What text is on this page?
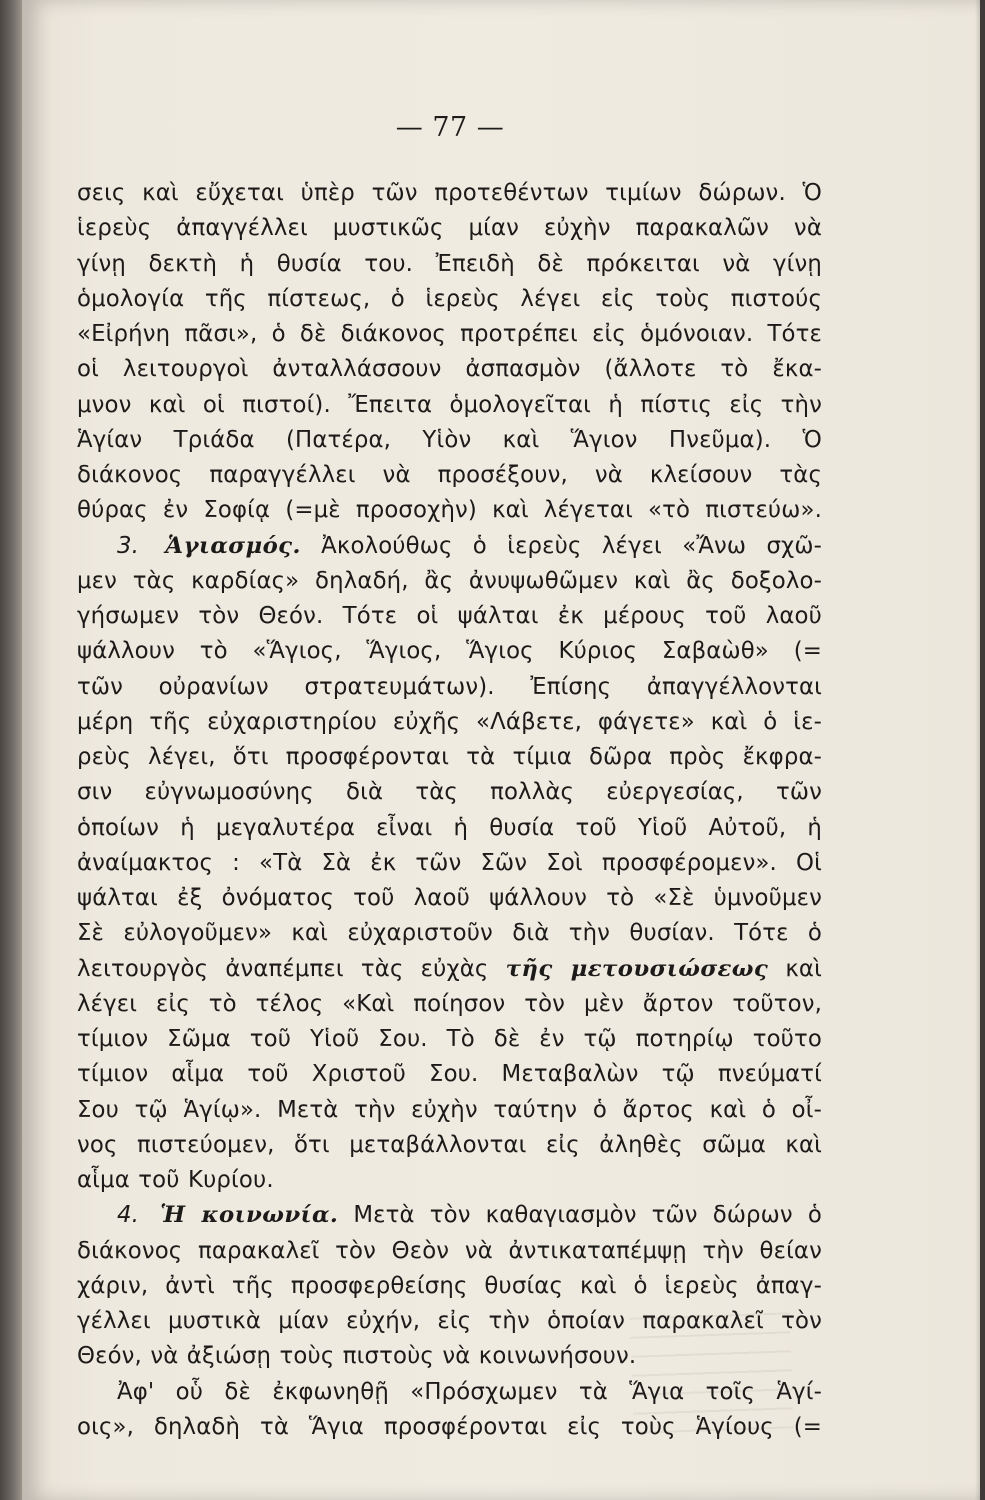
— 77 —
σεις καὶ εὔχεται ὑπὲρ τῶν προτεθέντων τιμίων δώρων. Ὁ
ἱερεὺς ἀπαγγέλλει μυστικῶς μίαν εὐχὴν παρακαλῶν νὰ
γίνῃ δεκτὴ ἡ θυσία του. Ἐπειδὴ δὲ πρόκειται νὰ γίνῃ
ὁμολογία τῆς πίστεως, ὁ ἱερεὺς λέγει εἰς τοὺς πιστούς
«Εἰρήνη πᾶσι», ὁ δὲ διάκονος προτρέπει εἰς ὁμόνοιαν. Τότε
οἱ λειτουργοὶ ἀνταλλάσσουν ἀσπασμὸν (ἄλλοτε τὸ ἔκα-
μνον καὶ οἱ πιστοί). Ἔπειτα ὁμολογεῖται ἡ πίστις εἰς τὴν
Ἁγίαν Τριάδα (Πατέρα, Υἱὸν καὶ Ἅγιον Πνεῦμα). Ὁ
διάκονος παραγγέλλει νὰ προσέξουν, νὰ κλείσουν τὰς
θύρας ἐν Σοφίᾳ (=μὲ προσοχὴν) καὶ λέγεται «τὸ πιστεύω».
3. Ἁγιασμός. Ἀκολούθως ὁ ἱερεὺς λέγει «Ἄνω σχῶ-
μεν τὰς καρδίας» δηλαδή, ἂς ἀνυψωθῶμεν καὶ ἂς δοξολο-
γήσωμεν τὸν Θεόν. Τότε οἱ ψάλται ἐκ μέρους τοῦ λαοῦ
ψάλλουν τὸ «Ἅγιος, Ἅγιος, Ἅγιος Κύριος Σαβαὼθ» (=
τῶν οὐρανίων στρατευμάτων). Ἐπίσης ἀπαγγέλλονται
μέρη τῆς εὐχαριστηρίου εὐχῆς «Λάβετε, φάγετε» καὶ ὁ ἱε-
ρεὺς λέγει, ὅτι προσφέρονται τὰ τίμια δῶρα πρὸς ἔκφρα-
σιν εὐγνωμοσύνης διὰ τὰς πολλὰς εὐεργεσίας, τῶν
ὁποίων ἡ μεγαλυτέρα εἶναι ἡ θυσία τοῦ Υἱοῦ Αὐτοῦ, ἡ
ἀναίμακτος : «Τὰ Σὰ ἐκ τῶν Σῶν Σοὶ προσφέρομεν». Οἱ
ψάλται ἐξ ὀνόματος τοῦ λαοῦ ψάλλουν τὸ «Σὲ ὑμνοῦμεν
Σὲ εὐλογοῦμεν» καὶ εὐχαριστοῦν διὰ τὴν θυσίαν. Τότε ὁ
λειτουργὸς ἀναπέμπει τὰς εὐχὰς τῆς μετουσιώσεως καὶ
λέγει εἰς τὸ τέλος «Καὶ ποίησον τὸν μὲν ἄρτον τοῦτον,
τίμιον Σῶμα τοῦ Υἱοῦ Σου. Τὸ δὲ ἐν τῷ ποτηρίῳ τοῦτο
τίμιον αἷμα τοῦ Χριστοῦ Σου. Μεταβαλὼν τῷ πνεύματί
Σου τῷ Ἁγίῳ». Μετὰ τὴν εὐχὴν ταύτην ὁ ἄρτος καὶ ὁ οἶ-
νος πιστεύομεν, ὅτι μεταβάλλονται εἰς ἀληθὲς σῶμα καὶ
αἷμα τοῦ Κυρίου.
4. Ἡ κοινωνία. Μετὰ τὸν καθαγιασμὸν τῶν δώρων ὁ
διάκονος παρακαλεῖ τὸν Θεὸν νὰ ἀντικαταπέμψῃ τὴν θείαν
χάριν, ἀντὶ τῆς προσφερθείσης θυσίας καὶ ὁ ἱερεὺς ἀπαγ-
γέλλει μυστικὰ μίαν εὐχήν, εἰς τὴν ὁποίαν παρακαλεῖ τὸν
Θεόν, νὰ ἀξιώσῃ τοὺς πιστοὺς νὰ κοινωνήσουν.
Ἀφ' οὗ δὲ ἐκφωνηθῇ «Πρόσχωμεν τὰ Ἅγια τοῖς Ἁγί-
οις», δηλαδὴ τὰ Ἅγια προσφέρονται εἰς τοὺς Ἁγίους (=
